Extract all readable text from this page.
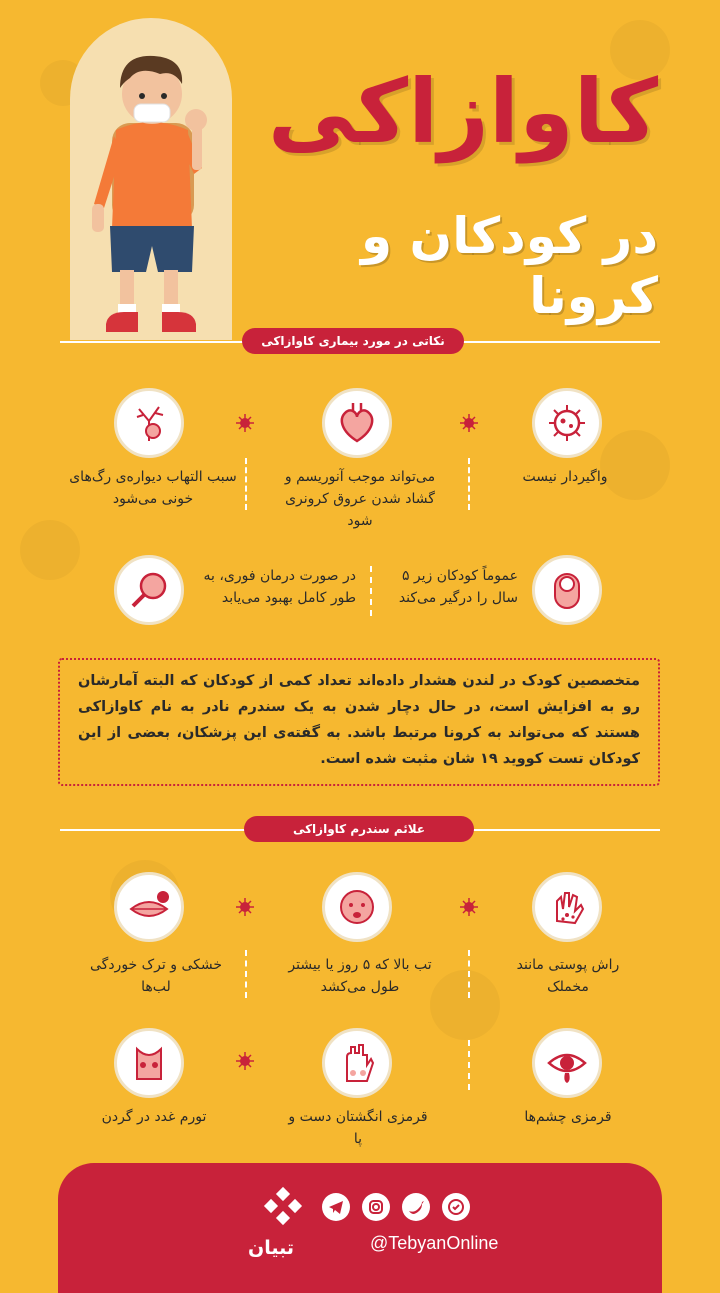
کاوازاکی
در کودکان و کرونا
نکاتی در مورد بیماری کاوازاکی
واگیردار نیست
می‌تواند موجب آنوریسم و گشاد شدن عروق کرونری شود
سبب التهاب دیواره‌ی رگ‌های خونی می‌شود
عموماً کودکان زیر ۵ سال را درگیر می‌کند
در صورت درمان فوری، به طور کامل بهبود می‌یابد
متخصصین کودک در لندن هشدار داده‌اند تعداد کمی از کودکان که البته آمارشان رو به افزایش است، در حال دچار شدن به یک سندرم نادر به نام کاوازاکی هستند که می‌تواند به کرونا مرتبط باشد. به گفته‌ی این پزشکان، بعضی از این کودکان تست کووید ۱۹ شان مثبت شده است.
علائم سندرم کاوازاکی
راش پوستی مانند مخملک
تب بالا که ۵ روز یا بیشتر طول می‌کشد
خشکی و ترک خوردگی لب‌ها
قرمزی چشم‌ها
قرمزی انگشتان دست و پا
تورم غدد در گردن
@TebyanOnline
تبیان
